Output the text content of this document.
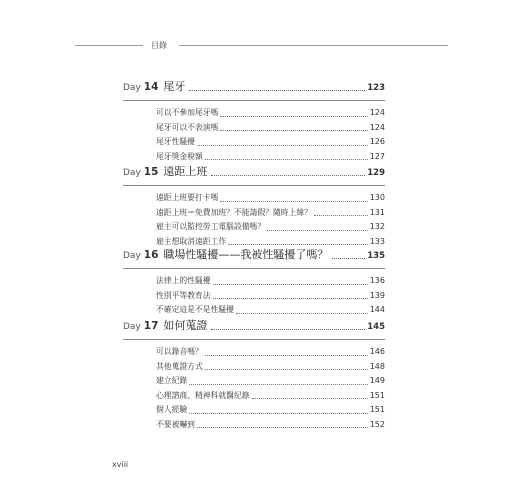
目錄
Day 14 尾牙	123
可以不參加尾牙嗎	124
尾牙可以不表演嗎	124
尾牙性騷擾	126
尾牙獎金稅額	127
Day 15 遠距上班	129
遠距上班要打卡嗎	130
遠距上班＝免費加班？不能請假？隨時上線？	131
雇主可以監控勞工電腦設備嗎？	132
雇主想取消遠距工作	133
Day 16 職場性騷擾——我被性騷擾了嗎？	135
法律上的性騷擾	136
性別平等教育法	139
不確定這是不是性騷擾	144
Day 17 如何蒐證	145
可以錄音嗎？	146
其他蒐證方式	148
建立紀錄	149
心理諮商、精神科就醫紀錄	151
個人經驗	151
不要被嚇到	152
xviii
